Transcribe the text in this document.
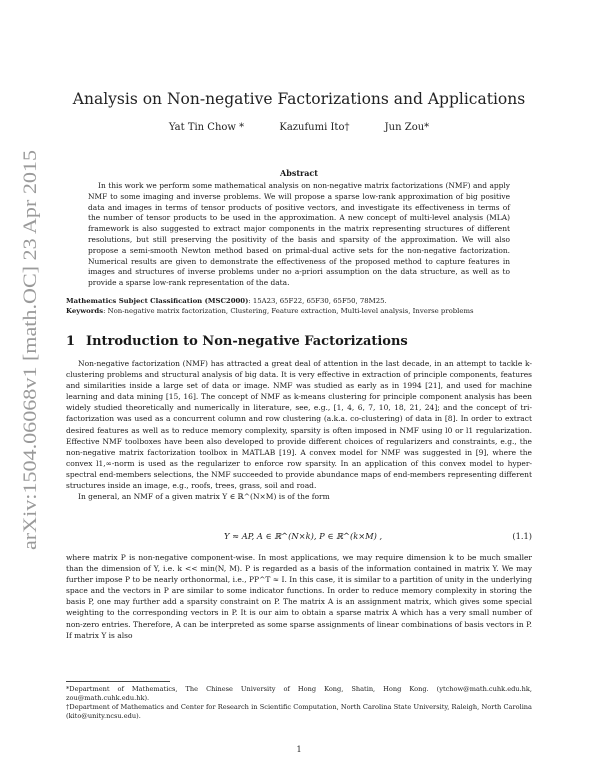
arXiv:1504.06068v1 [math.OC] 23 Apr 2015
Analysis on Non-negative Factorizations and Applications
Yat Tin Chow *	Kazufumi Ito†	Jun Zou*
Abstract
In this work we perform some mathematical analysis on non-negative matrix factorizations (NMF) and apply NMF to some imaging and inverse problems. We will propose a sparse low-rank approximation of big positive data and images in terms of tensor products of positive vectors, and investigate its effectiveness in terms of the number of tensor products to be used in the approximation. A new concept of multi-level analysis (MLA) framework is also suggested to extract major components in the matrix representing structures of different resolutions, but still preserving the positivity of the basis and sparsity of the approximation. We will also propose a semi-smooth Newton method based on primal-dual active sets for the non-negative factorization. Numerical results are given to demonstrate the effectiveness of the proposed method to capture features in images and structures of inverse problems under no a-priori assumption on the data structure, as well as to provide a sparse low-rank representation of the data.
Mathematics Subject Classification (MSC2000): 15A23, 65F22, 65F30, 65F50, 78M25.
Keywords: Non-negative matrix factorization, Clustering, Feature extraction, Multi-level analysis, Inverse problems
1 Introduction to Non-negative Factorizations

Non-negative factorization (NMF) has attracted a great deal of attention in the last decade, in an attempt to tackle k-clustering problems and structural analysis of big data. It is very effective in extraction of principle components, features and similarities inside a large set of data or image. NMF was studied as early as in 1994 [21], and used for machine learning and data mining [15, 16]. The concept of NMF as k-means clustering for principle component analysis has been widely studied theoretically and numerically in literature, see, e.g., [1, 4, 6, 7, 10, 18, 21, 24]; and the concept of tri-factorization was used as a concurrent column and row clustering (a.k.a. co-clustering) of data in [8]. In order to extract desired features as well as to reduce memory complexity, sparsity is often imposed in NMF using l0 or l1 regularization. Effective NMF toolboxes have been also developed to provide different choices of regularizers and constraints, e.g., the non-negative matrix factorization toolbox in MATLAB [19]. A convex model for NMF was suggested in [9], where the convex l1,∞-norm is used as the regularizer to enforce row sparsity. In an application of this convex model to hyper-spectral end-members selections, the NMF succeeded to provide abundance maps of end-members representing different structures inside an image, e.g., roofs, trees, grass, soil and road.

In general, an NMF of a given matrix Y ∈ ℝ^(N×M) is of the form

Y ≈ AP, A ∈ ℝ^(N×k), P ∈ ℝ^(k×M) ,	(1.1)
where matrix P is non-negative component-wise. In most applications, we may require dimension k to be much smaller than the dimension of Y, i.e. k << min(N, M). P is regarded as a basis of the information contained in matrix Y. We may further impose P to be nearly orthonormal, i.e., PP^T ≈ I. In this case, it is similar to a partition of unity in the underlying space and the vectors in P are similar to some indicator functions. In order to reduce memory complexity in storing the basis P, one may further add a sparsity constraint on P. The matrix A is an assignment matrix, which gives some special weighting to the corresponding vectors in P. It is our aim to obtain a sparse matrix A which has a very small number of non-zero entries. Therefore, A can be interpreted as some sparse assignments of linear combinations of basis vectors in P. If matrix Y is also
*Department of Mathematics, The Chinese University of Hong Kong, Shatin, Hong Kong. (ytchow@math.cuhk.edu.hk, zou@math.cuhk.edu.hk).
†Department of Mathematics and Center for Research in Scientific Computation, North Carolina State University, Raleigh, North Carolina (kito@unity.ncsu.edu).
1
